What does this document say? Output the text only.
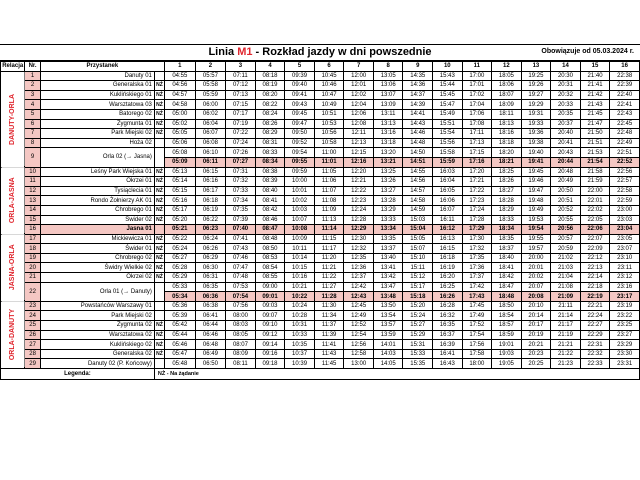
Linia M1 - Rozkład jazdy w dni powszednie	Obowiązuje od 05.03.2024 r.
Relacja	Nr.	Przystanek		1	2	3	4	5	6	7	8	9	10	11	12	13	14	15	16
DANUTY-ORLA	1	Danuty 01		04:55	05:57	07:11	08:18	09:39	10:45	12:00	13:05	14:35	15:43	17:00	18:05	19:25	20:30	21:40	22:38
	2	Generalska 01	NŻ	04:56	05:58	07:12	08:19	09:40	10:46	12:01	13:06	14:36	15:44	17:01	18:06	19:26	20:31	21:41	22:39
	3	Kuklińskiego 01	NŻ	04:57	05:59	07:13	08:20	09:41	10:47	12:02	13:07	14:37	15:45	17:02	18:07	19:27	20:32	21:42	22:40
	4	Warsztatowa 03	NŻ	04:58	06:00	07:15	08:22	09:43	10:49	12:04	13:09	14:39	15:47	17:04	18:09	19:29	20:33	21:43	22:41
	5	Batorego 02	NŻ	05:00	06:02	07:17	08:24	09:45	10:51	12:06	13:11	14:41	15:49	17:06	18:11	19:31	20:35	21:45	22:43
	6	Zygmunta 01	NŻ	05:02	06:04	07:19	08:26	09:47	10:53	12:08	13:13	14:43	15:51	17:08	18:13	19:33	20:37	21:47	22:45
	7	Park Miejski 02	NŻ	05:05	06:07	07:22	08:29	09:50	10:56	12:11	13:16	14:46	15:54	17:11	18:16	19:36	20:40	21:50	22:48
	8	Hoża 02		05:06	06:08	07:24	08:31	09:52	10:58	12:13	13:18	14:48	15:56	17:13	18:18	19:38	20:41	21:51	22:49
	9	Orla 02 (→ Jasna)		05:08	06:10	07:26	08:33	09:54	11:00	12:15	13:20	14:50	15:58	17:15	18:20	19:40	20:43	21:53	22:51
				05:09	06:11	07:27	08:34	09:55	11:01	12:16	13:21	14:51	15:59	17:16	18:21	19:41	20:44	21:54	22:52
ORLA-JASNA	10	Leśny Park Wiejska 01	NŻ	05:13	06:15	07:31	08:38	09:59	11:05	12:20	13:25	14:55	16:03	17:20	18:25	19:45	20:48	21:58	22:56
	11	Okrzei 01	NŻ	05:14	06:16	07:32	08:39	10:00	11:06	12:21	13:26	14:56	16:04	17:21	18:26	19:46	20:49	21:59	22:57
	12	Tysiąclecia 01	NŻ	05:15	06:17	07:33	08:40	10:01	11:07	12:22	13:27	14:57	16:05	17:22	18:27	19:47	20:50	22:00	22:58
	13	Rondo Żołnierzy AK 01	NŻ	05:16	06:18	07:34	08:41	10:02	11:08	12:23	13:28	14:58	16:06	17:23	18:28	19:48	20:51	22:01	22:59
	14	Chrobrego 01	NŻ	05:17	06:19	07:35	08:42	10:03	11:09	12:24	13:29	14:59	16:07	17:24	18:29	19:49	20:52	22:02	23:00
	15	Świder 02	NŻ	05:20	06:22	07:39	08:46	10:07	11:13	12:28	13:33	15:03	16:11	17:28	18:33	19:53	20:55	22:05	23:03
	16	Jasna 01		05:21	06:23	07:40	08:47	10:08	11:14	12:29	13:34	15:04	16:12	17:29	18:34	19:54	20:56	22:06	23:04
JASNA-ORLA	17	Mickiewicza 01	NŻ	05:22	06:24	07:41	08:48	10:09	11:15	12:30	13:35	15:05	16:13	17:30	18:35	19:55	20:57	22:07	23:05
	18	Świder 01	NŻ	05:24	06:26	07:43	08:50	10:11	11:17	12:32	13:37	15:07	16:15	17:32	18:37	19:57	20:59	22:09	23:07
	19	Chrobrego 02	NŻ	05:27	06:29	07:46	08:53	10:14	11:20	12:35	13:40	15:10	16:18	17:35	18:40	20:00	21:02	22:12	23:10
	20	Świdry Wielkie 02	NŻ	05:28	06:30	07:47	08:54	10:15	11:21	12:36	13:41	15:11	16:19	17:36	18:41	20:01	21:03	22:13	23:11
	21	Okrzei 02	NŻ	05:29	06:31	07:48	08:55	10:16	11:22	12:37	13:42	15:12	16:20	17:37	18:42	20:02	21:04	22:14	23:12
	22	Orla 01 (→ Danuty)		05:33	06:35	07:53	09:00	10:21	11:27	12:42	13:47	15:17	16:25	17:42	18:47	20:07	21:08	22:18	23:16
				05:34	06:36	07:54	09:01	10:22	11:28	12:43	13:48	15:18	16:26	17:43	18:48	20:08	21:09	22:19	23:17
ORLA-DANUTY	23	Powstańców Warszawy 01		05:36	06:38	07:56	09:03	10:24	11:30	12:45	13:50	15:20	16:28	17:45	18:50	20:10	21:11	22:21	23:19
	24	Park Miejski 02		05:39	06:41	08:00	09:07	10:28	11:34	12:49	13:54	15:24	16:32	17:49	18:54	20:14	21:14	22:24	23:22
	25	Zygmunta 02	NŻ	05:42	06:44	08:03	09:10	10:31	11:37	12:52	13:57	15:27	16:35	17:52	18:57	20:17	21:17	22:27	23:25
	26	Warsztatowa 02	NŻ	05:44	06:46	08:05	09:12	10:33	11:39	12:54	13:59	15:29	16:37	17:54	18:59	20:19	21:19	22:29	23:27
	27	Kuklińskiego 02	NŻ	05:46	06:48	08:07	09:14	10:35	11:41	12:56	14:01	15:31	16:39	17:56	19:01	20:21	21:21	22:31	23:29
	28	Generalska 02	NŻ	05:47	06:49	08:09	09:16	10:37	11:43	12:58	14:03	15:33	16:41	17:58	19:03	20:23	21:22	22:32	23:30
	29	Danuty 02 (P. Końcowy)		05:48	06:50	08:11	09:18	10:39	11:45	13:00	14:05	15:35	16:43	18:00	19:05	20:25	21:23	22:33	23:31
Legenda:			NŻ - Na żądanie																
